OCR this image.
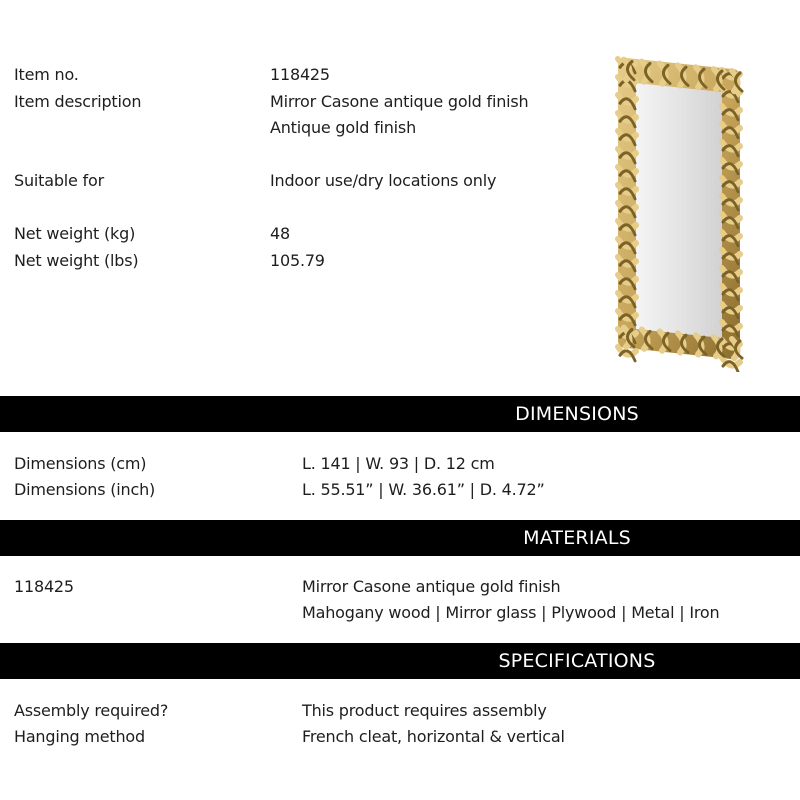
Item no.	118425
Item description	Mirror Casone antique gold finish
Antique gold finish
Suitable for	Indoor use/dry locations only
Net weight (kg)	48
Net weight (lbs)	105.79
DIMENSIONS
Dimensions (cm)	L. 141 | W. 93 | D. 12 cm
Dimensions (inch)	L. 55.51” | W. 36.61” | D. 4.72”
MATERIALS
118425	Mirror Casone antique gold finish
Mahogany wood | Mirror glass | Plywood | Metal | Iron
SPECIFICATIONS
Assembly required?	This product requires assembly
Hanging method	French cleat, horizontal & vertical
